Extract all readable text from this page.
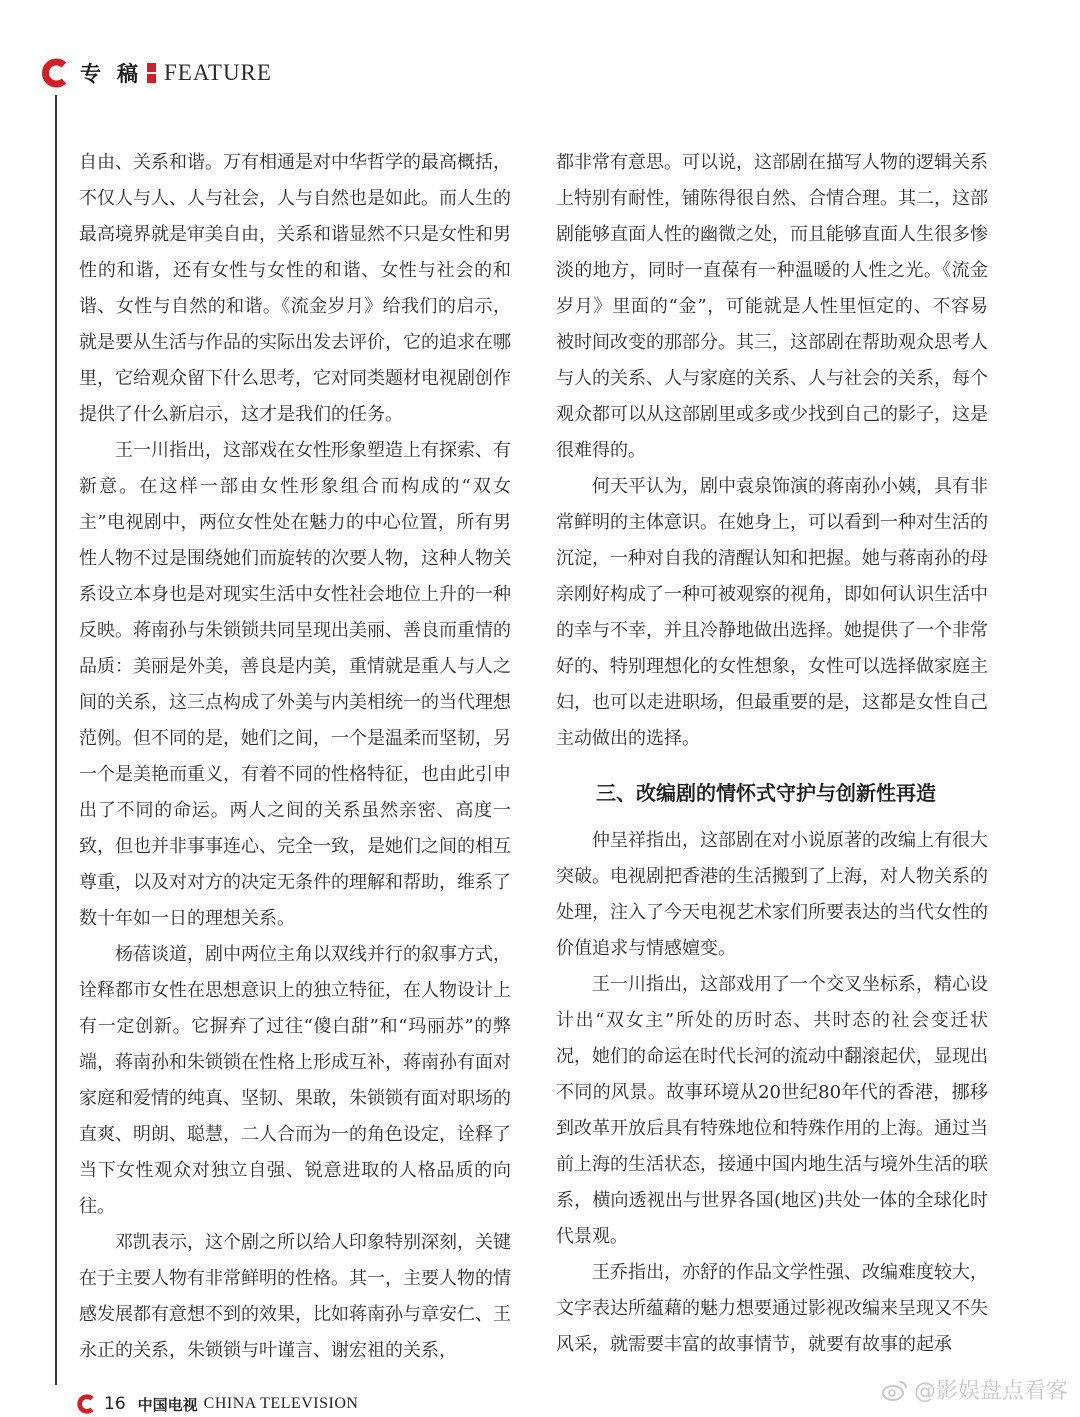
专 稿 FEATURE

自由、关系和谐。万有相通是对中华哲学的最高概括，不仅人与人、人与社会，人与自然也是如此。而人生的最高境界就是审美自由，关系和谐显然不只是女性和男性的和谐，还有女性与女性的和谐、女性与社会的和谐、女性与自然的和谐。《流金岁月》给我们的启示，就是要从生活与作品的实际出发去评价，它的追求在哪里，它给观众留下什么思考，它对同类题材电视剧创作提供了什么新启示，这才是我们的任务。

王一川指出，这部戏在女性形象塑造上有探索、有新意。在这样一部由女性形象组合而构成的“双女主”电视剧中，两位女性处在魅力的中心位置，所有男性人物不过是围绕她们而旋转的次要人物，这种人物关系设立本身也是对现实生活中女性社会地位上升的一种反映。蒋南孙与朱锁锁共同呈现出美丽、善良而重情的品质：美丽是外美，善良是内美，重情就是重人与人之间的关系，这三点构成了外美与内美相统一的当代理想范例。但不同的是，她们之间，一个是温柔而坚韧，另一个是美艳而重义，有着不同的性格特征，也由此引申出了不同的命运。两人之间的关系虽然亲密、高度一致，但也并非事事连心、完全一致，是她们之间的相互尊重，以及对对方的决定无条件的理解和帮助，维系了数十年如一日的理想关系。

杨蓓谈道，剧中两位主角以双线并行的叙事方式，诠释都市女性在思想意识上的独立特征，在人物设计上有一定创新。它摒弃了过往“傻白甜”和“玛丽苏”的弊端，蒋南孙和朱锁锁在性格上形成互补，蒋南孙有面对家庭和爱情的纯真、坚韧、果敢，朱锁锁有面对职场的直爽、明朗、聪慧，二人合而为一的角色设定，诠释了当下女性观众对独立自强、锐意进取的人格品质的向往。

邓凯表示，这个剧之所以给人印象特别深刻，关键在于主要人物有非常鲜明的性格。其一，主要人物的情感发展都有意想不到的效果，比如蒋南孙与章安仁、王永正的关系，朱锁锁与叶谨言、谢宏祖的关系，

都非常有意思。可以说，这部剧在描写人物的逻辑关系上特别有耐性，铺陈得很自然、合情合理。其二，这部剧能够直面人性的幽微之处，而且能够直面人生很多惨淡的地方，同时一直葆有一种温暖的人性之光。《流金岁月》里面的“金”，可能就是人性里恒定的、不容易被时间改变的那部分。其三，这部剧在帮助观众思考人与人的关系、人与家庭的关系、人与社会的关系，每个观众都可以从这部剧里或多或少找到自己的影子，这是很难得的。

何天平认为，剧中袁泉饰演的蒋南孙小姨，具有非常鲜明的主体意识。在她身上，可以看到一种对生活的沉淀，一种对自我的清醒认知和把握。她与蒋南孙的母亲刚好构成了一种可被观察的视角，即如何认识生活中的幸与不幸，并且冷静地做出选择。她提供了一个非常好的、特别理想化的女性想象，女性可以选择做家庭主妇，也可以走进职场，但最重要的是，这都是女性自己主动做出的选择。

三、改编剧的情怀式守护与创新性再造

仲呈祥指出，这部剧在对小说原著的改编上有很大突破。电视剧把香港的生活搬到了上海，对人物关系的处理，注入了今天电视艺术家们所要表达的当代女性的价值追求与情感嬗变。

王一川指出，这部戏用了一个交叉坐标系，精心设计出“双女主”所处的历时态、共时态的社会变迁状况，她们的命运在时代长河的流动中翻滚起伏，显现出不同的风景。故事环境从20世纪80年代的香港，挪移到改革开放后具有特殊地位和特殊作用的上海。通过当前上海的生活状态，接通中国内地生活与境外生活的联系，横向透视出与世界各国(地区)共处一体的全球化时代景观。

王乔指出，亦舒的作品文学性强、改编难度较大，文字表达所蕴藉的魅力想要通过影视改编来呈现又不失风采，就需要丰富的故事情节，就要有故事的起承

16 中国电视 CHINA TELEVISION	@影娱盘点看客
